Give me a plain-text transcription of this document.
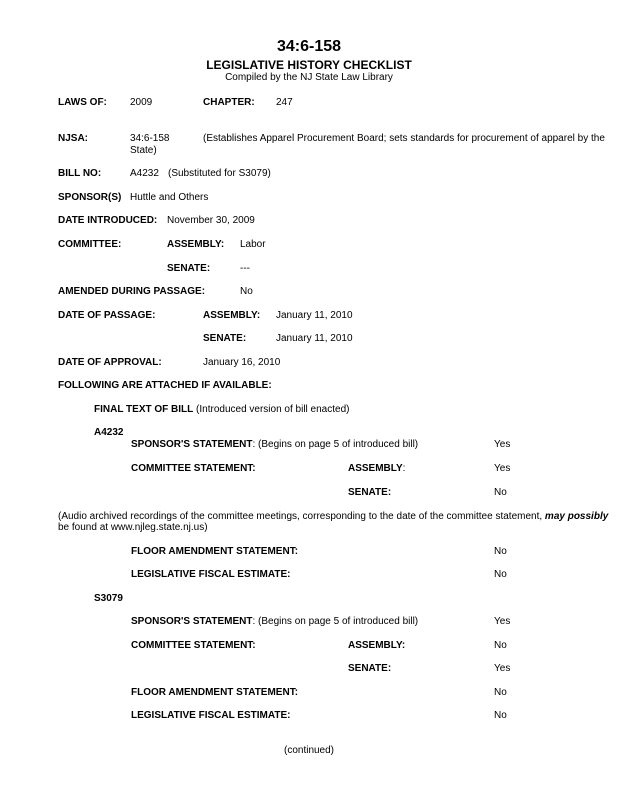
34:6-158
LEGISLATIVE HISTORY CHECKLIST
Compiled by the NJ State Law Library
LAWS OF: 2009	CHAPTER: 247
NJSA:	34:6-158	(Establishes Apparel Procurement Board; sets standards for procurement of apparel by the
State)
BILL NO:	A4232 (Substituted for S3079)
SPONSOR(S) Huttle and Others
DATE INTRODUCED: November 30, 2009
COMMITTEE:	ASSEMBLY: Labor
SENATE:	---
AMENDED DURING PASSAGE:	No
DATE OF PASSAGE:	ASSEMBLY: January 11, 2010
SENATE:	January 11, 2010
DATE OF APPROVAL:	January 16, 2010
FOLLOWING ARE ATTACHED IF AVAILABLE:
FINAL TEXT OF BILL (Introduced version of bill enacted)
A4232
SPONSOR'S STATEMENT: (Begins on page 5 of introduced bill)	Yes
COMMITTEE STATEMENT:	ASSEMBLY:	Yes
SENATE:	No
(Audio archived recordings of the committee meetings, corresponding to the date of the committee statement, may possibly
be found at www.njleg.state.nj.us)
FLOOR AMENDMENT STATEMENT:	No
LEGISLATIVE FISCAL ESTIMATE:	No
S3079
SPONSOR'S STATEMENT: (Begins on page 5 of introduced bill)	Yes
COMMITTEE STATEMENT:	ASSEMBLY:	No
SENATE:	Yes
FLOOR AMENDMENT STATEMENT:	No
LEGISLATIVE FISCAL ESTIMATE:	No
(continued)
